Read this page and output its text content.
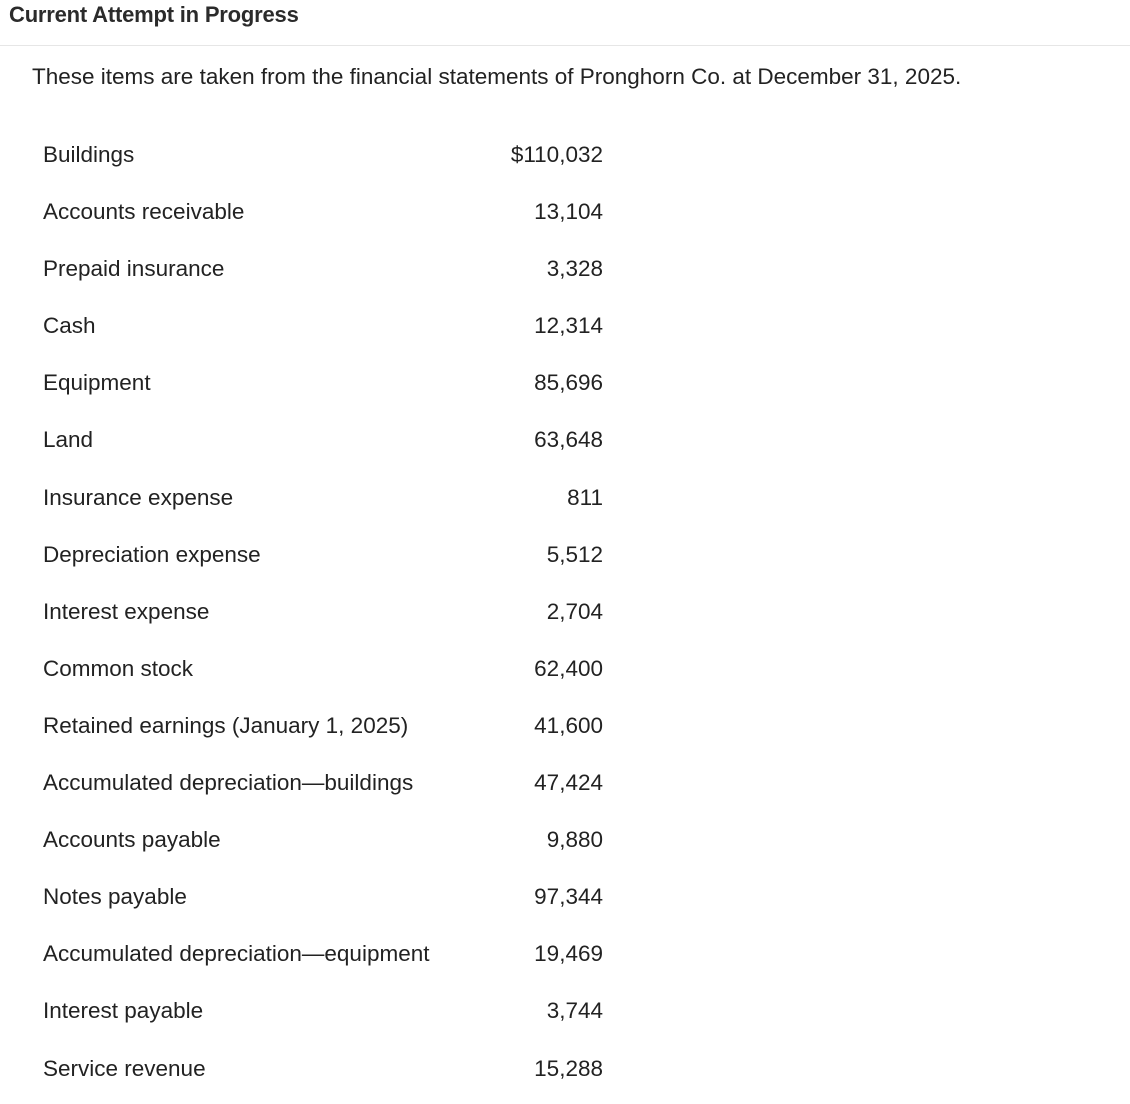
Current Attempt in Progress
These items are taken from the financial statements of Pronghorn Co. at December 31, 2025.
Buildings	$110,032
Accounts receivable	13,104
Prepaid insurance	3,328
Cash	12,314
Equipment	85,696
Land	63,648
Insurance expense	811
Depreciation expense	5,512
Interest expense	2,704
Common stock	62,400
Retained earnings (January 1, 2025)	41,600
Accumulated depreciation—buildings	47,424
Accounts payable	9,880
Notes payable	97,344
Accumulated depreciation—equipment	19,469
Interest payable	3,744
Service revenue	15,288
